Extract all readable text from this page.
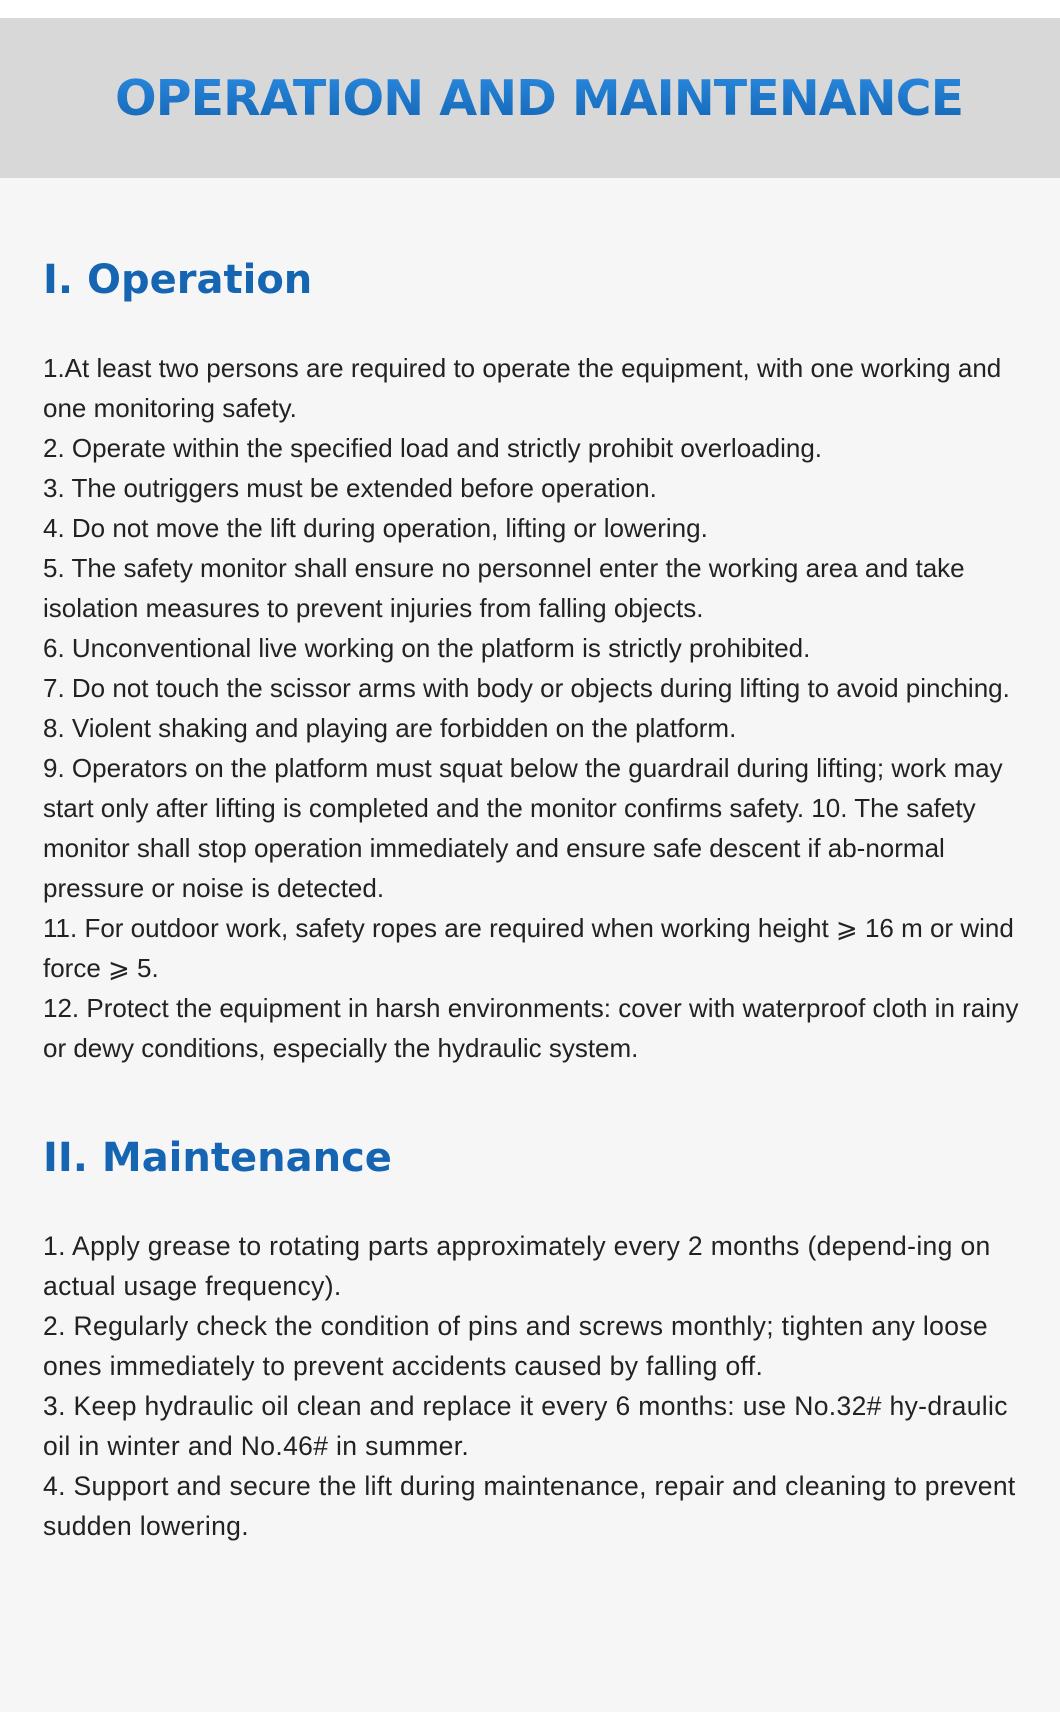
OPERATION AND MAINTENANCE
I. Operation
1.At least two persons are required to operate the equipment, with one working and one monitoring safety.
2. Operate within the specified load and strictly prohibit overloading.
3. The outriggers must be extended before operation.
4. Do not move the lift during operation, lifting or lowering.
5. The safety monitor shall ensure no personnel enter the working area and take isolation measures to prevent injuries from falling objects.
6. Unconventional live working on the platform is strictly prohibited.
7. Do not touch the scissor arms with body or objects during lifting to avoid pinching.
8. Violent shaking and playing are forbidden on the platform.
9. Operators on the platform must squat below the guardrail during lifting; work may start only after lifting is completed and the monitor confirms safety. 10. The safety monitor shall stop operation immediately and ensure safe descent if ab-normal pressure or noise is detected.
11. For outdoor work, safety ropes are required when working height ⩾ 16 m or wind force ⩾ 5.
12. Protect the equipment in harsh environments: cover with waterproof cloth in rainy or dewy conditions, especially the hydraulic system.
II. Maintenance
1. Apply grease to rotating parts approximately every 2 months (depend-ing on actual usage frequency).
2. Regularly check the condition of pins and screws monthly; tighten any loose ones immediately to prevent accidents caused by falling off.
3. Keep hydraulic oil clean and replace it every 6 months: use No.32# hy-draulic oil in winter and No.46# in summer.
4. Support and secure the lift during maintenance, repair and cleaning to prevent sudden lowering.
